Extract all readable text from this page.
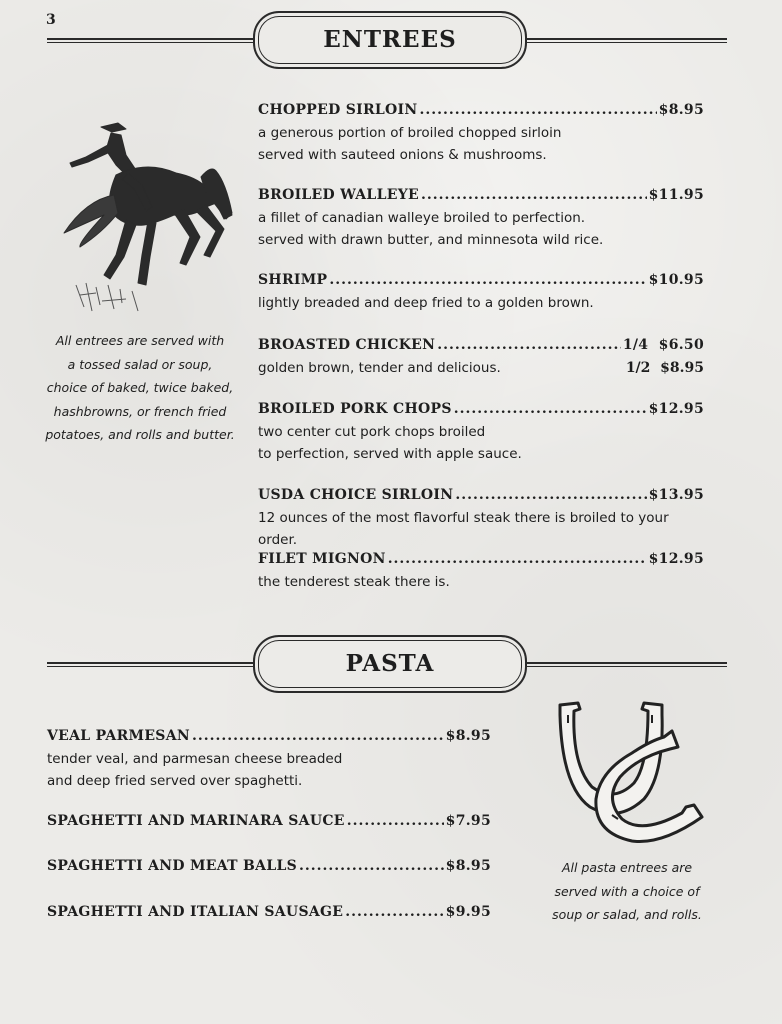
3
ENTREES
All entrees are served with
a tossed salad or soup,
choice of baked, twice baked,
hashbrowns, or french fried
potatoes, and rolls and butter.
CHOPPED SIRLOIN .....	$8.95
a generous portion of broiled chopped sirloin
served with sauteed onions & mushrooms.
BROILED WALLEYE .....	$11.95
a fillet of canadian walleye broiled to perfection.
served with drawn butter, and minnesota wild rice.
SHRIMP .....	$10.95
lightly breaded and deep fried to a golden brown.
BROASTED CHICKEN .....	1/4  $6.50
golden brown, tender and delicious.	1/2  $8.95
BROILED PORK CHOPS .....	$12.95
two center cut pork chops broiled
to perfection, served with apple sauce.
USDA CHOICE SIRLOIN .....	$13.95
12 ounces of the most flavorful steak there is broiled to your order.
FILET MIGNON .....	$12.95
the tenderest steak there is.
PASTA
VEAL PARMESAN .....	$8.95
tender veal, and parmesan cheese breaded
and deep fried served over spaghetti.
SPAGHETTI AND MARINARA SAUCE .....	$7.95
SPAGHETTI AND MEAT BALLS .....	$8.95
SPAGHETTI AND ITALIAN SAUSAGE .....	$9.95
All pasta entrees are
served with a choice of
soup or salad, and rolls.
